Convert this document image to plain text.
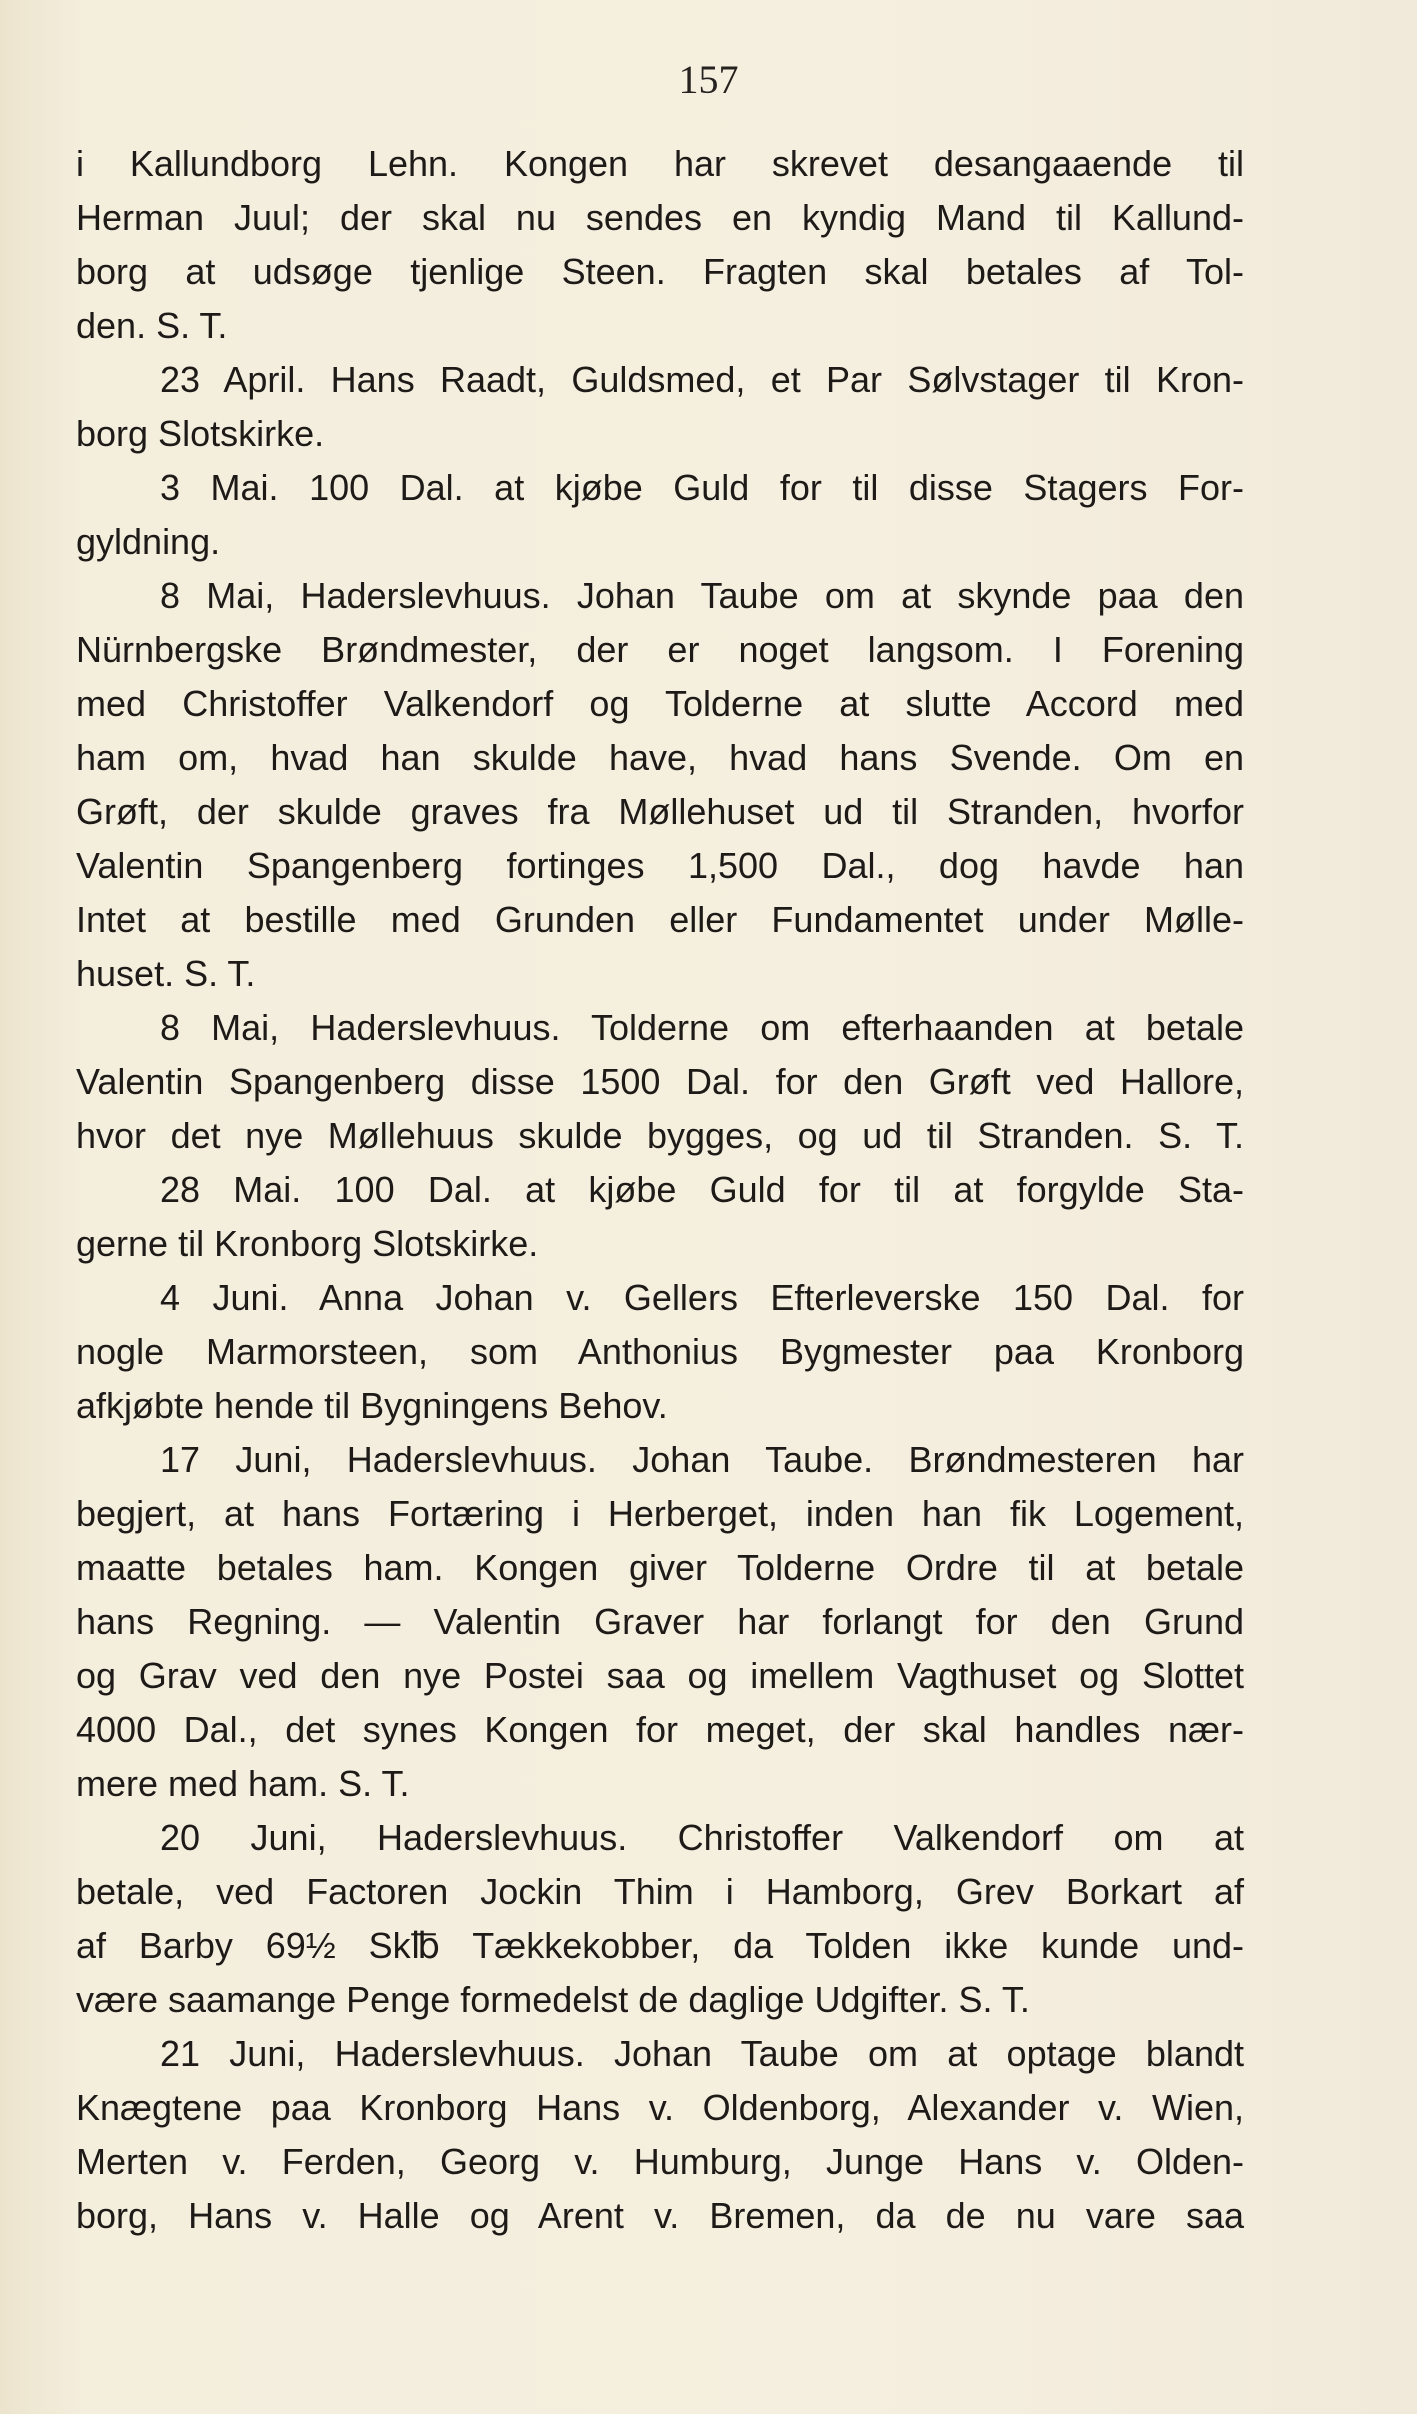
157
i Kallundborg Lehn. Kongen har skrevet desangaaende til
Herman Juul; der skal nu sendes en kyndig Mand til Kallund-
borg at udsøge tjenlige Steen. Fragten skal betales af Tol-
den. S. T.
23 April. Hans Raadt, Guldsmed, et Par Sølvstager til Kron-
borg Slotskirke.
3 Mai. 100 Dal. at kjøbe Guld for til disse Stagers For-
gyldning.
8 Mai, Haderslevhuus. Johan Taube om at skynde paa den
Nürnbergske Brøndmester, der er noget langsom. I Forening
med Christoffer Valkendorf og Tolderne at slutte Accord med
ham om, hvad han skulde have, hvad hans Svende. Om en
Grøft, der skulde graves fra Møllehuset ud til Stranden, hvorfor
Valentin Spangenberg fortinges 1,500 Dal., dog havde han
Intet at bestille med Grunden eller Fundamentet under Mølle-
huset. S. T.
8 Mai, Haderslevhuus. Tolderne om efterhaanden at betale
Valentin Spangenberg disse 1500 Dal. for den Grøft ved Hallore,
hvor det nye Møllehuus skulde bygges, og ud til Stranden. S. T.
28 Mai. 100 Dal. at kjøbe Guld for til at forgylde Sta-
gerne til Kronborg Slotskirke.
4 Juni. Anna Johan v. Gellers Efterleverske 150 Dal. for
nogle Marmorsteen, som Anthonius Bygmester paa Kronborg
afkjøbte hende til Bygningens Behov.
17 Juni, Haderslevhuus. Johan Taube. Brøndmesteren har
begjert, at hans Fortæring i Herberget, inden han fik Logement,
maatte betales ham. Kongen giver Tolderne Ordre til at betale
hans Regning. — Valentin Graver har forlangt for den Grund
og Grav ved den nye Postei saa og imellem Vagthuset og Slottet
4000 Dal., det synes Kongen for meget, der skal handles nær-
mere med ham. S. T.
20 Juni, Haderslevhuus. Christoffer Valkendorf om at
betale, ved Factoren Jockin Thim i Hamborg, Grev Borkart af
af Barby 69½ Sk℔ Tækkekobber, da Tolden ikke kunde und-
være saamange Penge formedelst de daglige Udgifter. S. T.
21 Juni, Haderslevhuus. Johan Taube om at optage blandt
Knægtene paa Kronborg Hans v. Oldenborg, Alexander v. Wien,
Merten v. Ferden, Georg v. Humburg, Junge Hans v. Olden-
borg, Hans v. Halle og Arent v. Bremen, da de nu vare saa
